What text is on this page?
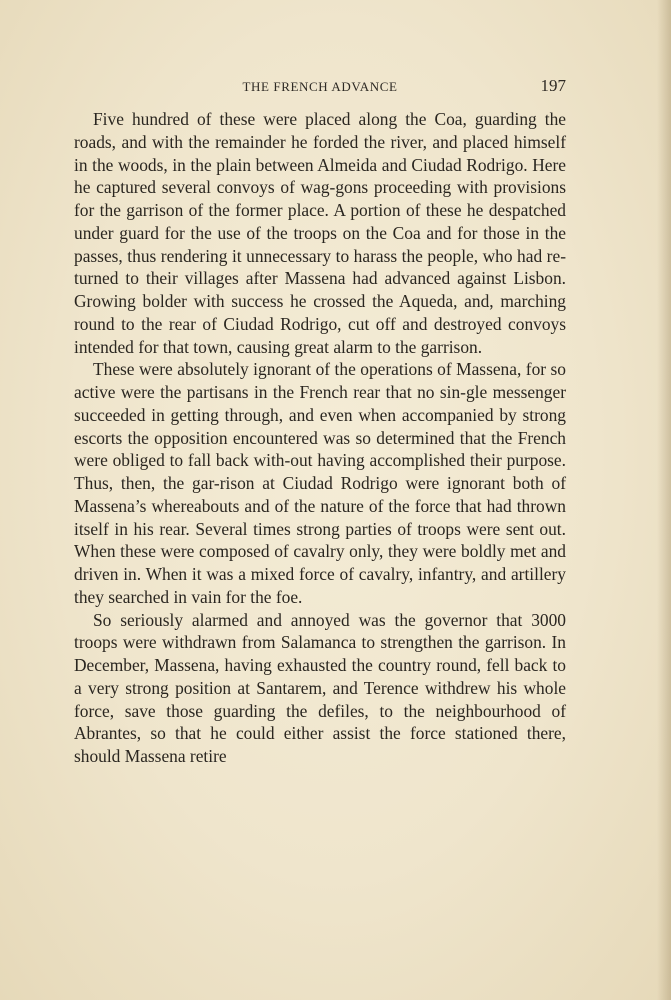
THE FRENCH ADVANCE	197

Five hundred of these were placed along the Coa, guarding the roads, and with the remainder he forded the river, and placed himself in the woods, in the plain between Almeida and Ciudad Rodrigo. Here he captured several convoys of wag-gons proceeding with provisions for the garrison of the former place. A portion of these he despatched under guard for the use of the troops on the Coa and for those in the passes, thus rendering it unnecessary to harass the people, who had re-turned to their villages after Massena had advanced against Lisbon. Growing bolder with success he crossed the Aqueda, and, marching round to the rear of Ciudad Rodrigo, cut off and destroyed convoys intended for that town, causing great alarm to the garrison.

These were absolutely ignorant of the operations of Massena, for so active were the partisans in the French rear that no sin-gle messenger succeeded in getting through, and even when accompanied by strong escorts the opposition encountered was so determined that the French were obliged to fall back with-out having accomplished their purpose. Thus, then, the gar-rison at Ciudad Rodrigo were ignorant both of Massena’s whereabouts and of the nature of the force that had thrown itself in his rear. Several times strong parties of troops were sent out. When these were composed of cavalry only, they were boldly met and driven in. When it was a mixed force of cavalry, infantry, and artillery they searched in vain for the foe.

So seriously alarmed and annoyed was the governor that 3000 troops were withdrawn from Salamanca to strengthen the garrison. In December, Massena, having exhausted the country round, fell back to a very strong position at Santarem, and Terence withdrew his whole force, save those guarding the defiles, to the neighbourhood of Abrantes, so that he could either assist the force stationed there, should Massena retire
